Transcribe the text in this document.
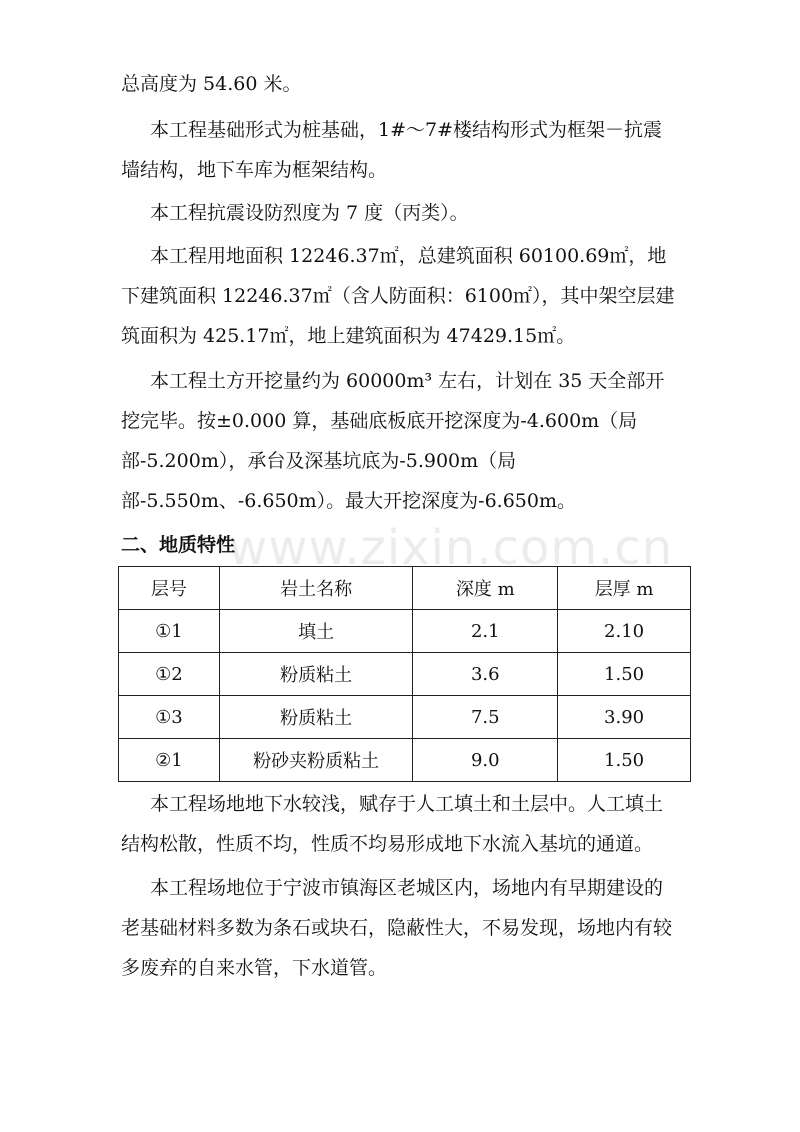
www.zixin.com.cn

总高度为 54.60 米。

本工程基础形式为桩基础，1#～7#楼结构形式为框架－抗震墙结构，地下车库为框架结构。

本工程抗震设防烈度为 7 度（丙类）。

本工程用地面积 12246.37㎡，总建筑面积 60100.69㎡，地下建筑面积 12246.37㎡（含人防面积：6100㎡），其中架空层建筑面积为 425.17㎡，地上建筑面积为 47429.15㎡。

本工程土方开挖量约为 60000m³ 左右，计划在 35 天全部开挖完毕。按±0.000 算，基础底板底开挖深度为-4.600m（局部-5.200m），承台及深基坑底为-5.900m（局部-5.550m、-6.650m）。最大开挖深度为-6.650m。

二、地质特性
层号	岩土名称	深度 m	层厚 m
①1	填土	2.1	2.10
①2	粉质粘土	3.6	1.50
①3	粉质粘土	7.5	3.90
②1	粉砂夹粉质粘土	9.0	1.50

本工程场地地下水较浅，赋存于人工填土和土层中。人工填土结构松散，性质不均，性质不均易形成地下水流入基坑的通道。

本工程场地位于宁波市镇海区老城区内，场地内有早期建设的老基础材料多数为条石或块石，隐蔽性大，不易发现，场地内有较多废弃的自来水管，下水道管。
